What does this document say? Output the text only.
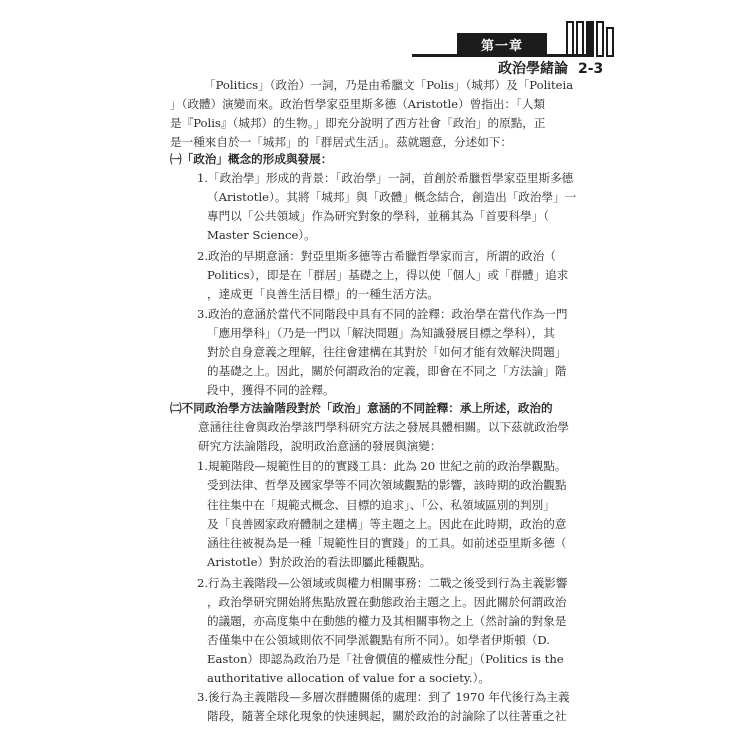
第一章
政治學緒論 2-3
「Politics」（政治）一詞，乃是由希臘文「Polis」（城邦）及「Politeia
」（政體）演變而來。政治哲學家亞里斯多德（Aristotle）曾指出：「人類
是『Polis』（城邦）的生物。」即充分說明了西方社會「政治」的原點，正
是一種來自於一「城邦」的「群居式生活」。茲就題意，分述如下：
㈠「政治」概念的形成與發展：
1.「政治學」形成的背景：「政治學」一詞，首創於希臘哲學家亞里斯多德
（Aristotle）。其將「城邦」與「政體」概念結合，創造出「政治學」一
專門以「公共領域」作為研究對象的學科，並稱其為「首要科學」（
Master Science）。
2.政治的早期意涵：對亞里斯多德等古希臘哲學家而言，所謂的政治（
Politics），即是在「群居」基礎之上，得以使「個人」或「群體」追求
，達成更「良善生活目標」的一種生活方法。
3.政治的意涵於當代不同階段中具有不同的詮釋：政治學在當代作為一門
「應用學科」（乃是一門以「解決問題」為知識發展目標之學科），其
對於自身意義之理解，往往會建構在其對於「如何才能有效解決問題」
的基礎之上。因此，關於何謂政治的定義，即會在不同之「方法論」階
段中，獲得不同的詮釋。
㈡不同政治學方法論階段對於「政治」意涵的不同詮釋：承上所述，政治的
意涵往往會與政治學該門學科研究方法之發展具體相關。以下茲就政治學
研究方法論階段，說明政治意涵的發展與演變：
1.規範階段—規範性目的的實踐工具：此為 20 世紀之前的政治學觀點。
受到法律、哲學及國家學等不同次領域觀點的影響，該時期的政治觀點
往往集中在「規範式概念、目標的追求」、「公、私領域區別的判別」
及「良善國家政府體制之建構」等主題之上。因此在此時期，政治的意
涵往往被視為是一種「規範性目的實踐」的工具。如前述亞里斯多德（
Aristotle）對於政治的看法即屬此種觀點。
2.行為主義階段—公領域或與權力相關事務：二戰之後受到行為主義影響
，政治學研究開始將焦點放置在動態政治主題之上。因此關於何謂政治
的議題，亦高度集中在動態的權力及其相關事物之上（然討論的對象是
否僅集中在公領域則依不同學派觀點有所不同）。如學者伊斯頓（D.
Easton）即認為政治乃是「社會價值的權威性分配」（Politics is the
authoritative allocation of value for a society.）。
3.後行為主義階段—多層次群體關係的處理：到了 1970 年代後行為主義
階段，隨著全球化現象的快速興起，關於政治的討論除了以往著重之社
